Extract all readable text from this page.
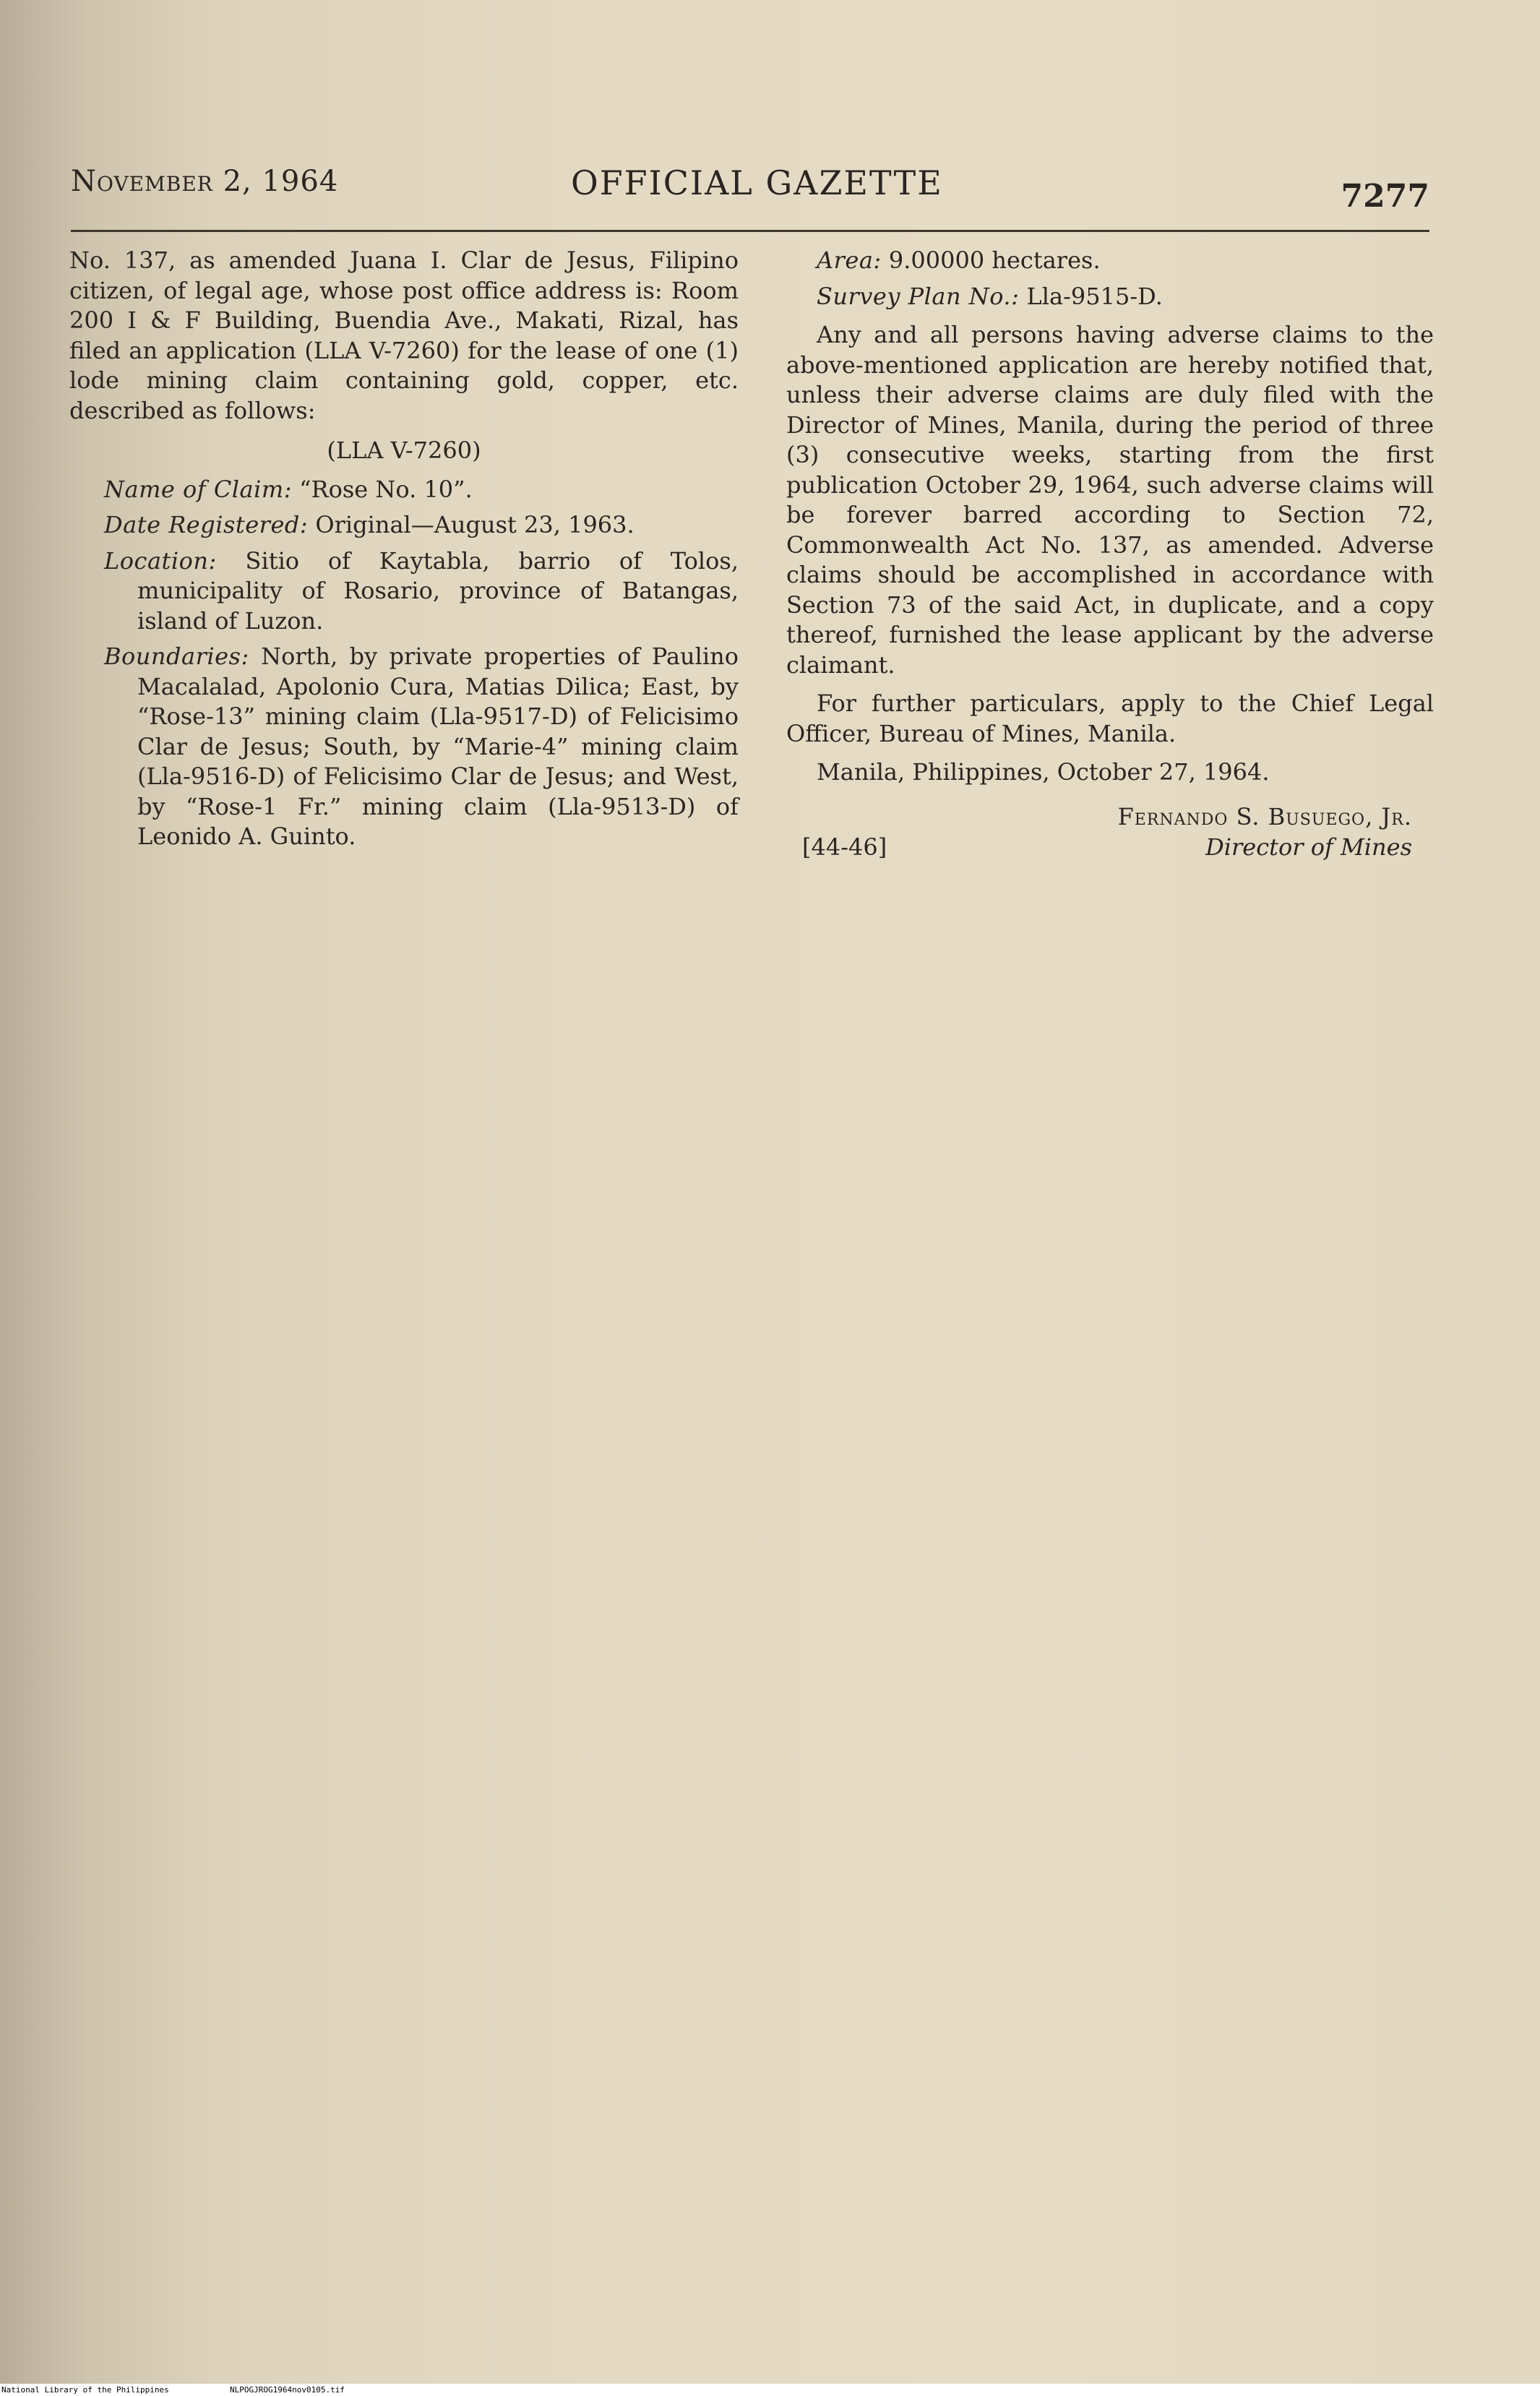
November 2, 1964	OFFICIAL GAZETTE	7277

No. 137, as amended Juana I. Clar de Jesus, Filipino citizen, of legal age, whose post office address is: Room 200 I & F Building, Buendia Ave., Makati, Rizal, has filed an application (LLA V-7260) for the lease of one (1) lode mining claim containing gold, copper, etc. described as follows:

(LLA V-7260)

Name of Claim: “Rose No. 10”.

Date Registered: Original—August 23, 1963.

Location: Sitio of Kaytabla, barrio of Tolos, municipality of Rosario, province of Batangas, island of Luzon.

Boundaries: North, by private properties of Paulino Macalalad, Apolonio Cura, Matias Dilica; East, by “Rose-13” mining claim (Lla-9517-D) of Felicisimo Clar de Jesus; South, by “Marie-4” mining claim (Lla-9516-D) of Felicisimo Clar de Jesus; and West, by “Rose-1 Fr.” mining claim (Lla-9513-D) of Leonido A. Guinto.

Area: 9.00000 hectares.

Survey Plan No.: Lla-9515-D.

Any and all persons having adverse claims to the above-mentioned application are hereby notified that, unless their adverse claims are duly filed with the Director of Mines, Manila, during the period of three (3) consecutive weeks, starting from the first publication October 29, 1964, such adverse claims will be forever barred according to Section 72, Commonwealth Act No. 137, as amended. Adverse claims should be accomplished in accordance with Section 73 of the said Act, in duplicate, and a copy thereof, furnished the lease applicant by the adverse claimant.

For further particulars, apply to the Chief Legal Officer, Bureau of Mines, Manila.

Manila, Philippines, October 27, 1964.

Fernando S. Busuego, Jr.
[44-46]	Director of Mines
National Library of the Philippines	NLPOGJROG1964nov0105.tif
